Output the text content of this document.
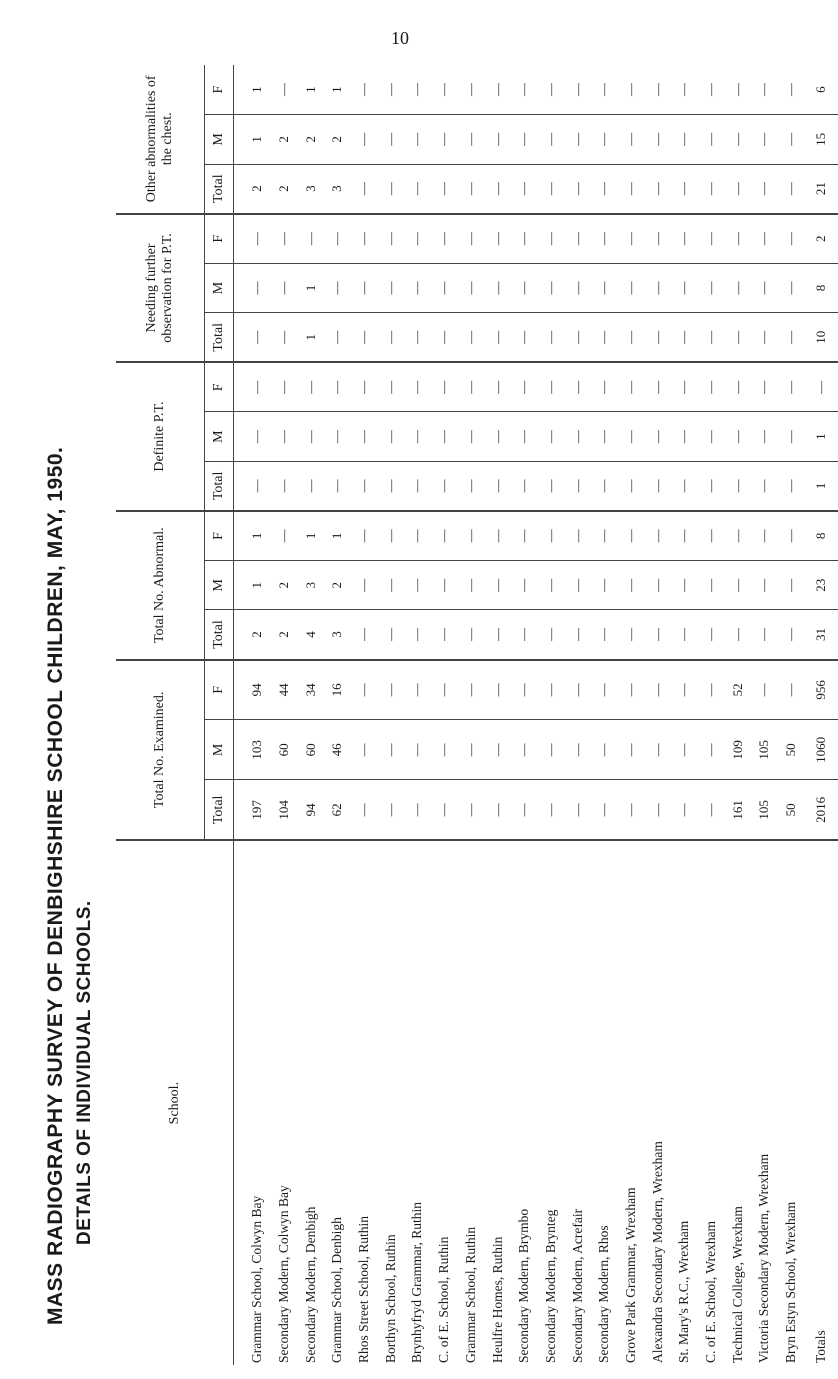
10
MASS RADIOGRAPHY SURVEY OF DENBIGHSHIRE SCHOOL CHILDREN, MAY, 1950. DETAILS OF INDIVIDUAL SCHOOLS.	School.	Total No. Examined.			Total No. Abnormal.			Definite P.T.			Needing further observation for P.T.			Other abnormalities of the chest.		
	Total	M	F	Total	M	F	Total	M	F	Total	M	F	Total	M	F
Grammar School, Colwyn Bay	197	103	94	2	1	1	—	—	—	—	—	—	2	1	1
Secondary Modern, Colwyn Bay	104	60	44	2	2	—	—	—	—	—	—	—	2	2	—
Secondary Modern, Denbigh	94	60	34	4	3	1	—	—	—	1	1	—	3	2	1
Grammar School, Denbigh	62	46	16	3	2	1	—	—	—	—	—	—	3	2	1
Rhos Street School, Ruthin	—	—	—	—	—	—	—	—	—	—	—	—	—	—	—
Borthyn School, Ruthin	—	—	—	—	—	—	—	—	—	—	—	—	—	—	—
Brynhyfryd Grammar, Ruthin	—	—	—	—	—	—	—	—	—	—	—	—	—	—	—
C. of E. School, Ruthin	—	—	—	—	—	—	—	—	—	—	—	—	—	—	—
Grammar School, Ruthin	—	—	—	—	—	—	—	—	—	—	—	—	—	—	—
Heulfre Homes, Ruthin	—	—	—	—	—	—	—	—	—	—	—	—	—	—	—
Secondary Modern, Brymbo	—	—	—	—	—	—	—	—	—	—	—	—	—	—	—
Secondary Modern, Brynteg	—	—	—	—	—	—	—	—	—	—	—	—	—	—	—
Secondary Modern, Acrefair	—	—	—	—	—	—	—	—	—	—	—	—	—	—	—
Secondary Modern, Rhos	—	—	—	—	—	—	—	—	—	—	—	—	—	—	—
Grove Park Grammar, Wrexham	—	—	—	—	—	—	—	—	—	—	—	—	—	—	—
Alexandra Secondary Modern, Wrexham	—	—	—	—	—	—	—	—	—	—	—	—	—	—	—
St. Mary's R.C., Wrexham	—	—	—	—	—	—	—	—	—	—	—	—	—	—	—
C. of E. School, Wrexham	—	—	—	—	—	—	—	—	—	—	—	—	—	—	—
Technical College, Wrexham	161	109	52	—	—	—	—	—	—	—	—	—	—	—	—
Victoria Secondary Modern, Wrexham	105	105	—	—	—	—	—	—	—	—	—	—	—	—	—
Bryn Estyn School, Wrexham	50	50	—	—	—	—	—	—	—	—	—	—	—	—	—
Totals	2016	1060	956	31	23	8	1	1	—	10	8	2	21	15	6
